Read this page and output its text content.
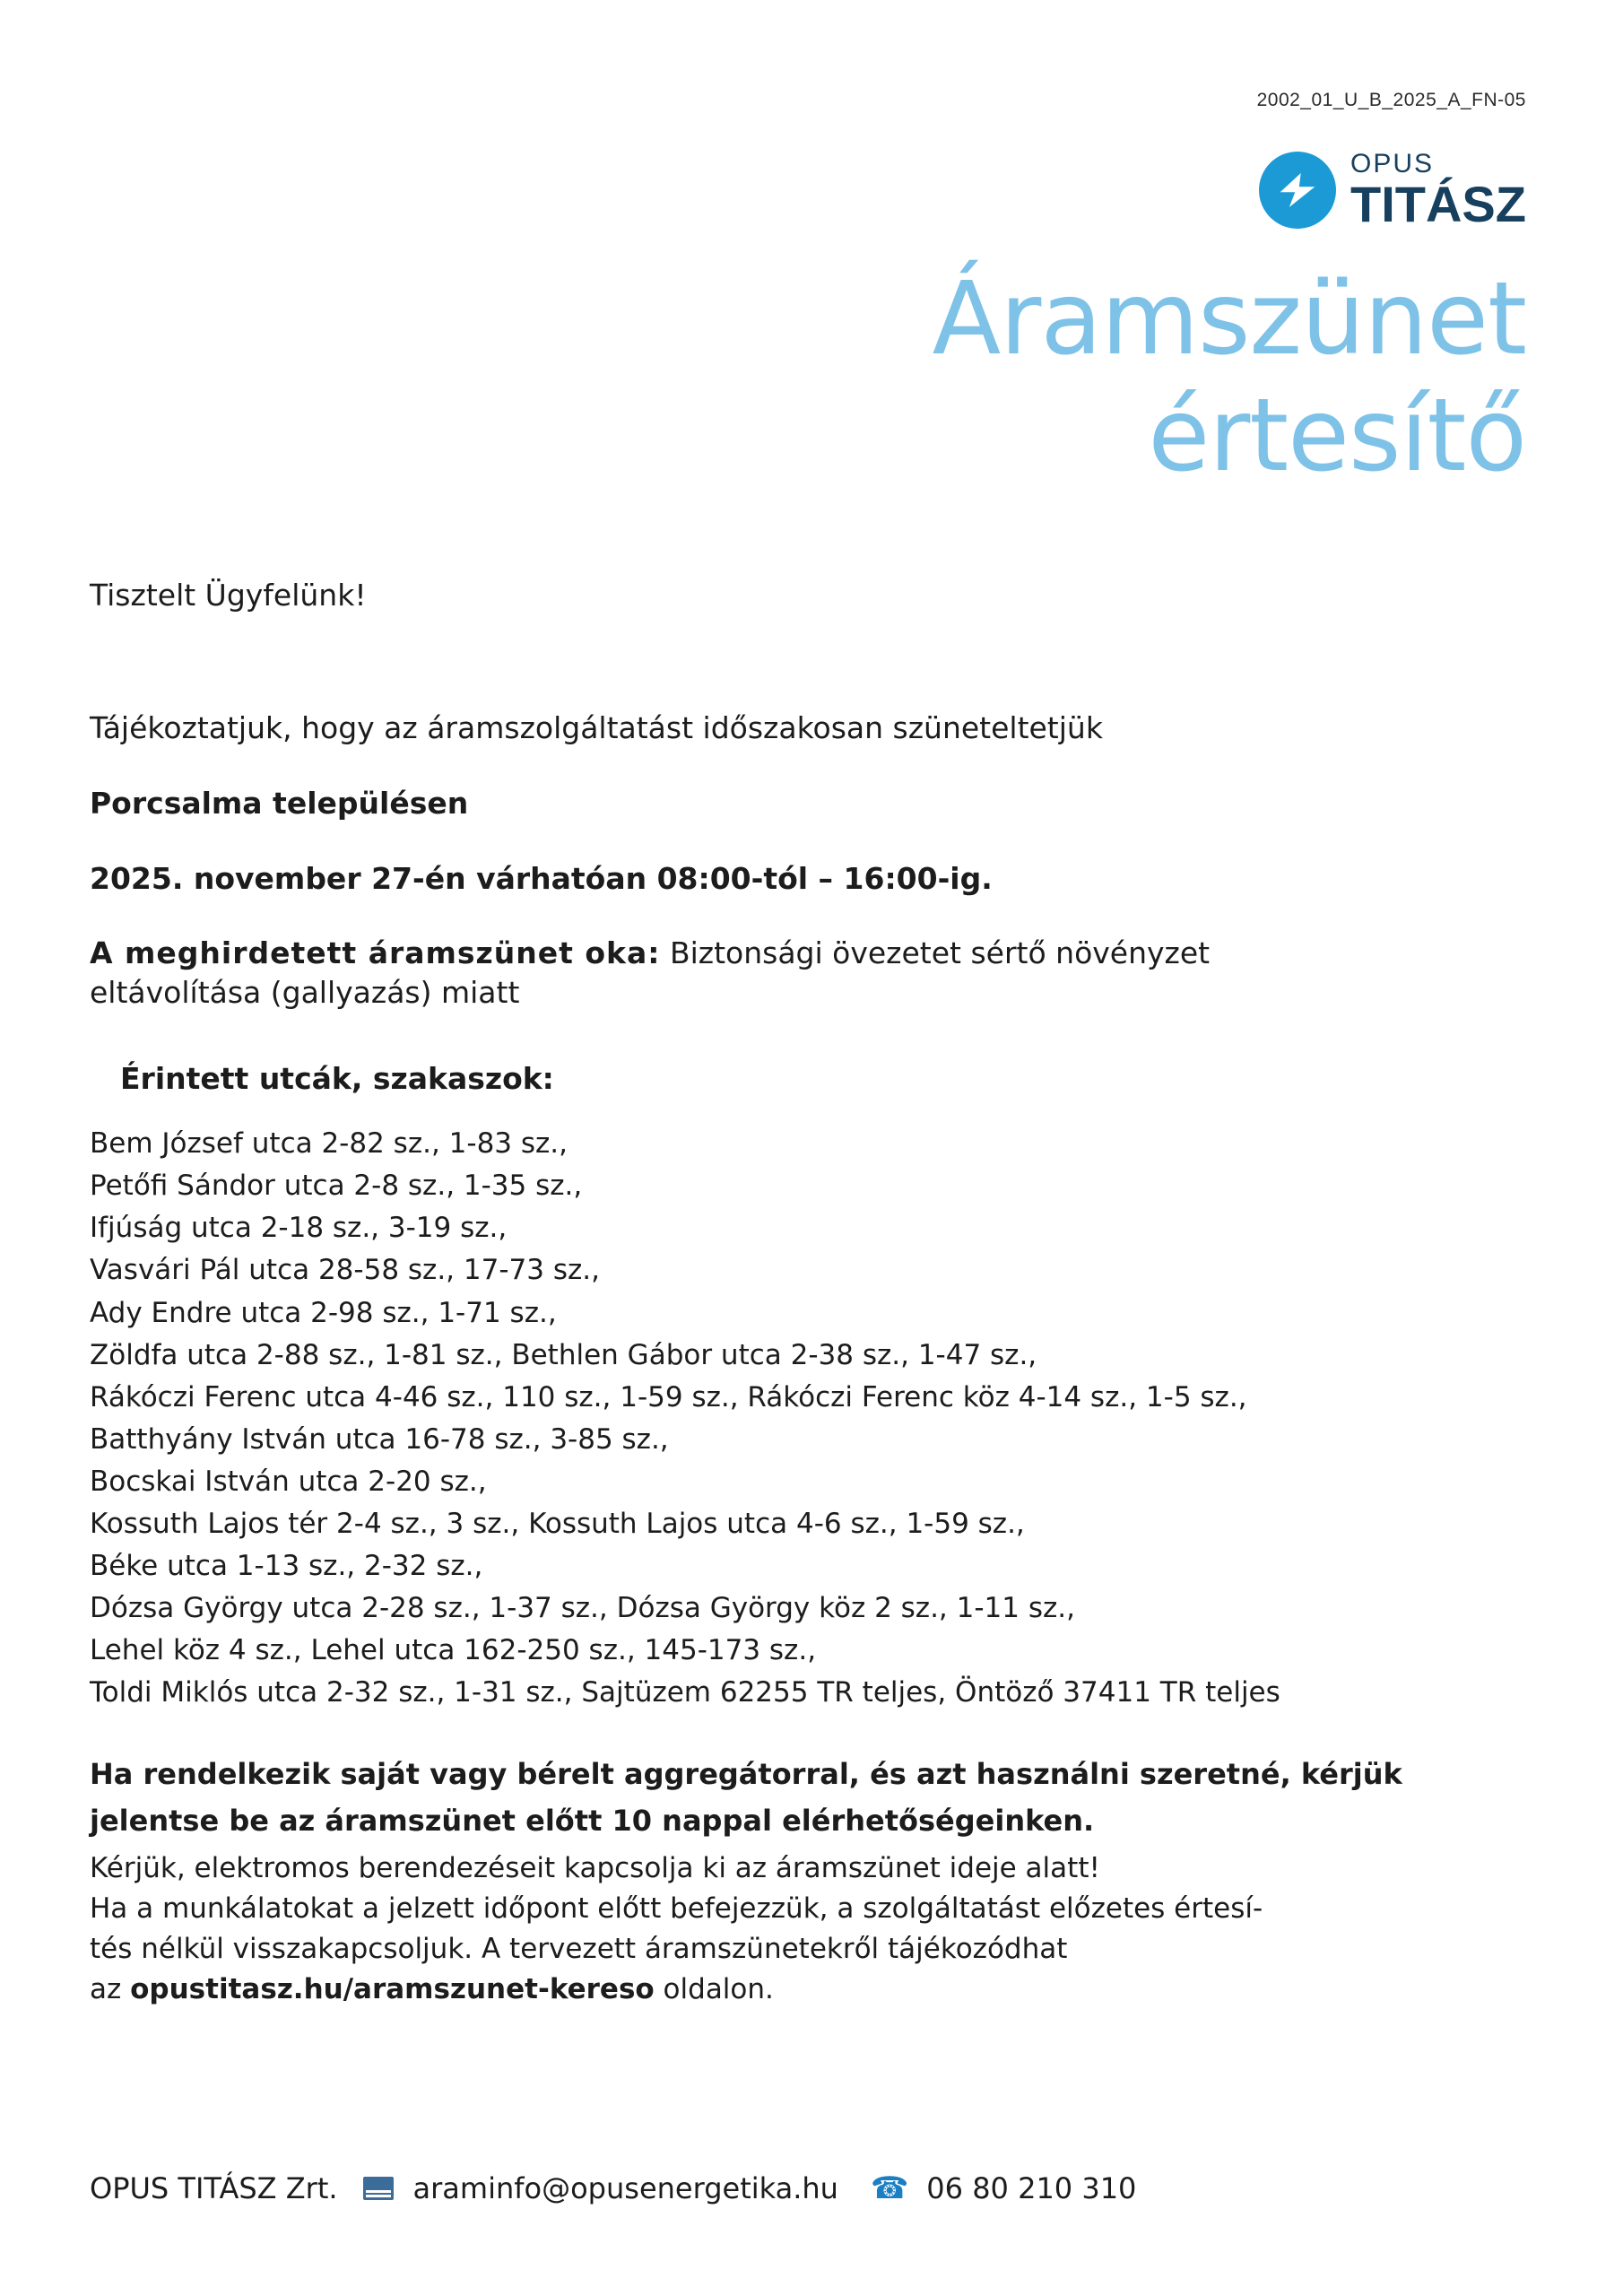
2002_01_U_B_2025_A_FN-05
OPUS
TITÁSZ
Áramszünet
értesítő

Tisztelt Ügyfelünk!

Tájékoztatjuk, hogy az áramszolgáltatást időszakosan szüneteltetjük

Porcsalma településen

2025. november 27-én várhatóan 08:00-tól – 16:00-ig.

A meghirdetett áramszünet oka: Biztonsági övezetet sértő növényzet

eltávolítása (gallyazás) miatt

Érintett utcák, szakaszok:
Bem József utca 2-82 sz., 1-83 sz.,
Petőfi Sándor utca 2-8 sz., 1-35 sz.,
Ifjúság utca 2-18 sz., 3-19 sz.,
Vasvári Pál utca 28-58 sz., 17-73 sz.,
Ady Endre utca 2-98 sz., 1-71 sz.,
Zöldfa utca 2-88 sz., 1-81 sz., Bethlen Gábor utca 2-38 sz., 1-47 sz.,
Rákóczi Ferenc utca 4-46 sz., 110 sz., 1-59 sz., Rákóczi Ferenc köz 4-14 sz., 1-5 sz.,
Batthyány István utca 16-78 sz., 3-85 sz.,
Bocskai István utca 2-20 sz.,
Kossuth Lajos tér 2-4 sz., 3 sz., Kossuth Lajos utca 4-6 sz., 1-59 sz.,
Béke utca 1-13 sz., 2-32 sz.,
Dózsa György utca 2-28 sz., 1-37 sz., Dózsa György köz 2 sz., 1-11 sz.,
Lehel köz 4 sz., Lehel utca 162-250 sz., 145-173 sz.,
Toldi Miklós utca 2-32 sz., 1-31 sz., Sajtüzem 62255 TR teljes, Öntöző 37411 TR teljes

Ha rendelkezik saját vagy bérelt aggregátorral, és azt használni szeretné, kérjük

jelentse be az áramszünet előtt 10 nappal elérhetőségeinken.

Kérjük, elektromos berendezéseit kapcsolja ki az áramszünet ideje alatt!

Ha a munkálatokat a jelzett időpont előtt befejezzük, a szolgáltatást előzetes értesí-

tés nélkül visszakapcsoljuk. A tervezett áramszünetekről tájékozódhat

az opustitasz.hu/aramszunet-kereso oldalon.

OPUS TITÁSZ Zrt.	araminfo@opusenergetika.hu ☎ 06 80 210 310
